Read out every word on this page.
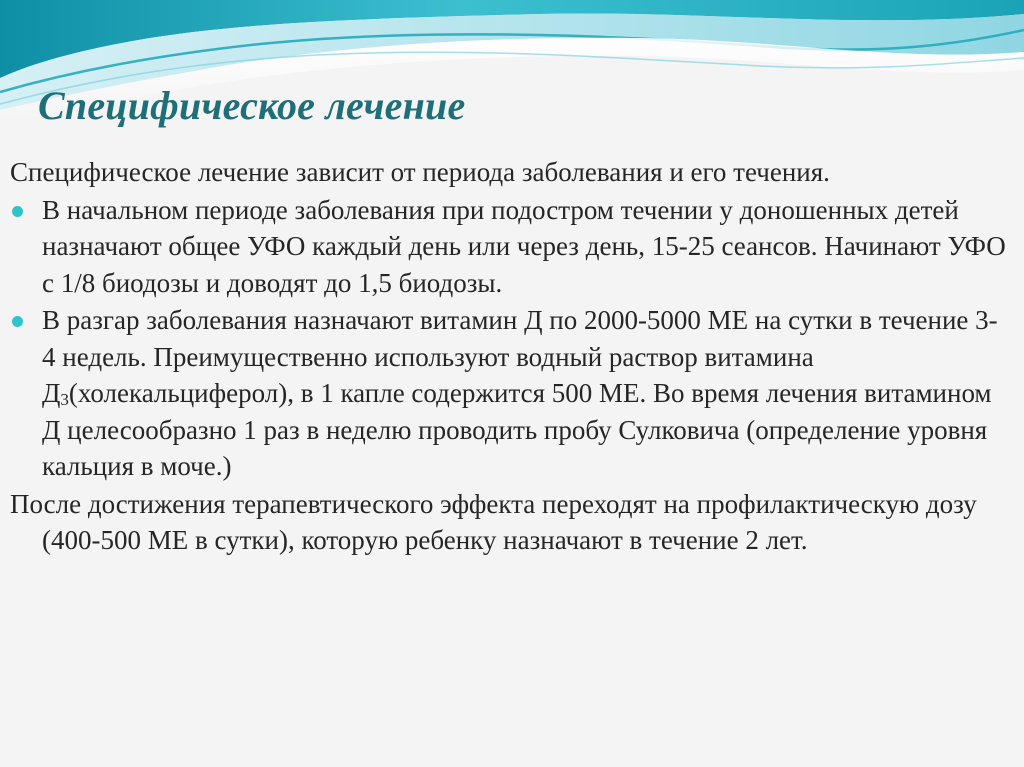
Специфическое лечение

Специфическое лечение зависит от периода заболевания и его течения.

В начальном периоде заболевания при подостром течении у доношенных детей назначают общее УФО каждый день или через день, 15-25 сеансов. Начинают УФО с 1/8 биодозы и доводят до 1,5 биодозы.
В разгар заболевания назначают витамин Д по 2000-5000 МЕ на сутки в течение 3-4 недель. Преимущественно используют водный раствор витамина $Д_3(холекальциферол)$, в 1 капле содержится 500 МЕ. Во время лечения витамином Д целесообразно 1 раз в неделю проводить пробу Сулковича (определение уровня кальция в моче.)

После достижения терапевтического эффекта переходят на профилактическую дозу (400-500 МЕ в сутки), которую ребенку назначают в течение 2 лет.
